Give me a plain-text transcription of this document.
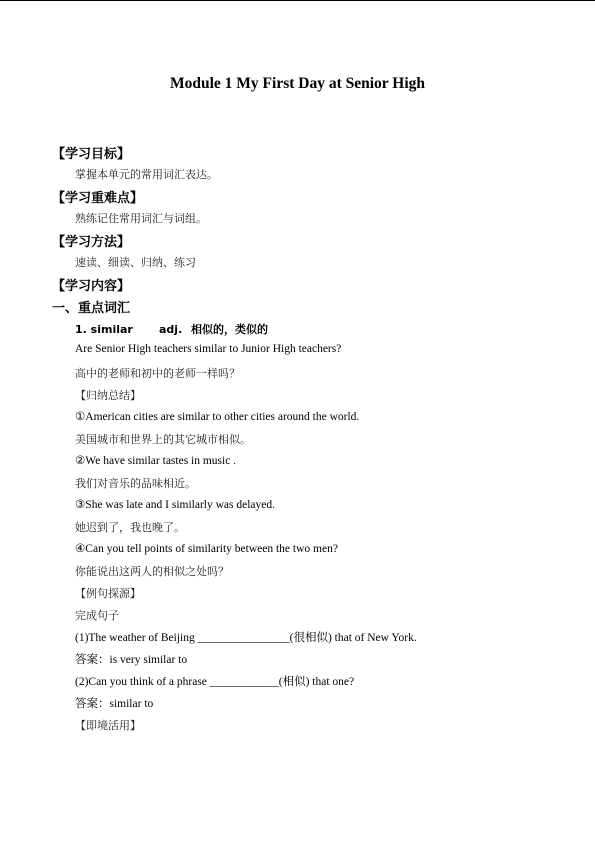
Module 1 My First Day at Senior High
【学习目标】
掌握本单元的常用词汇表达。
【学习重难点】
熟练记住常用词汇与词组。
【学习方法】
速读、细读、归纳、练习
【学习内容】
一、重点词汇
1. similar adj. 相似的，类似的
Are Senior High teachers similar to Junior High teachers?
高中的老师和初中的老师一样吗？
【归纳总结】
①American cities are similar to other cities around the world.
美国城市和世界上的其它城市相似。
②We have similar tastes in music .
我们对音乐的品味相近。
③She was late and I similarly was delayed.
她迟到了，我也晚了。
④Can you tell points of similarity between the two men?
你能说出这两人的相似之处吗？
【例句探源】
完成句子
(1)The weather of Beijing ________________(很相似) that of New York.
答案：is very similar to
(2)Can you think of a phrase ____________(相似) that one?
答案：similar to
【即境活用】
